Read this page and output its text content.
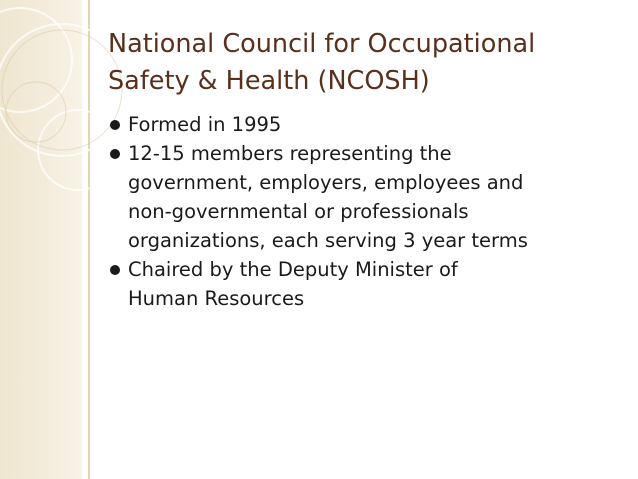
National Council for Occupational
Safety & Health (NCOSH)
Formed in 1995
12-15 members representing the
government, employers, employees and
non-governmental or professionals
organizations, each serving 3 year terms
Chaired by the Deputy Minister of
Human Resources
